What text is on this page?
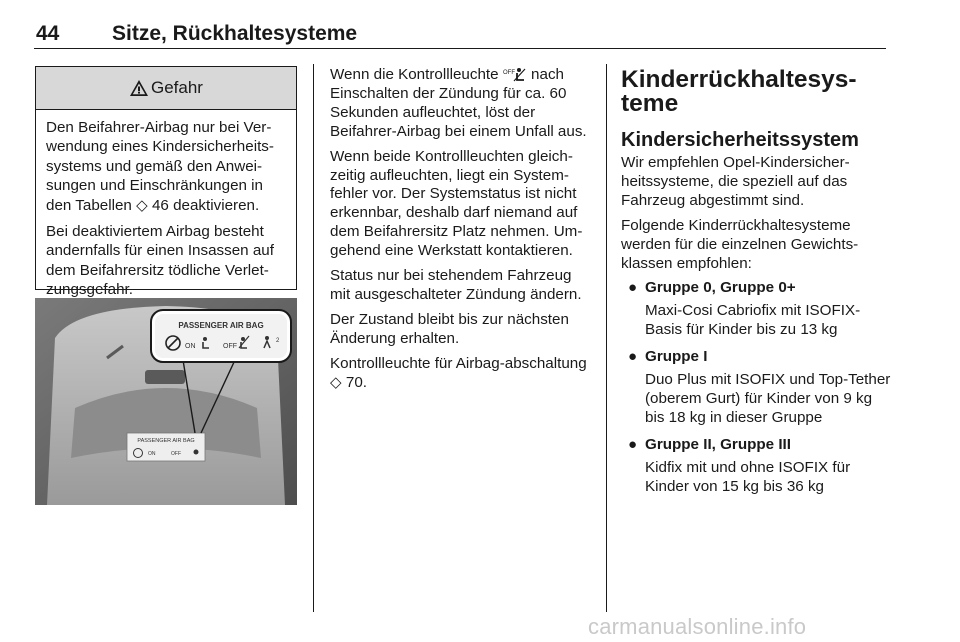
44	Sitze, Rückhaltesysteme
Gefahr

Den Beifahrer-Airbag nur bei Ver-wendung eines Kindersicherheits-systems und gemäß den Anwei-sungen und Einschränkungen in den Tabellen ◇ 46 deaktivieren.

Bei deaktiviertem Airbag besteht andernfalls für einen Insassen auf dem Beifahrersitz tödliche Verlet-zungsgefahr.

PASSENGER AIR BAG
ON	OFF
PASSENGER AIR BAG
ON	OFF
2

Wenn die Kontrollleuchte OFF nach Einschalten der Zündung für ca. 60 Sekunden aufleuchtet, löst der Beifahrer-Airbag bei einem Unfall aus.

Wenn beide Kontrollleuchten gleich-zeitig aufleuchten, liegt ein System-fehler vor. Der Systemstatus ist nicht erkennbar, deshalb darf niemand auf dem Beifahrersitz Platz nehmen. Um-gehend eine Werkstatt kontaktieren.

Status nur bei stehendem Fahrzeug mit ausgeschalteter Zündung ändern.

Der Zustand bleibt bis zur nächsten Änderung erhalten.

Kontrollleuchte für Airbag-abschaltung ◇ 70.

Kinderrückhaltesys-teme
Kindersicherheitssystem

Wir empfehlen Opel-Kindersicher-heitssysteme, die speziell auf das Fahrzeug abgestimmt sind.

Folgende Kinderrückhaltesysteme werden für die einzelnen Gewichts-klassen empfohlen:

● Gruppe 0, Gruppe 0+
Maxi-Cosi Cabriofix mit ISOFIX-Basis für Kinder bis zu 13 kg
● Gruppe I
Duo Plus mit ISOFIX und Top-Tether (oberem Gurt) für Kinder von 9 kg bis 18 kg in dieser Gruppe
● Gruppe II, Gruppe III
Kidfix mit und ohne ISOFIX für Kinder von 15 kg bis 36 kg
carmanualsonline.info
